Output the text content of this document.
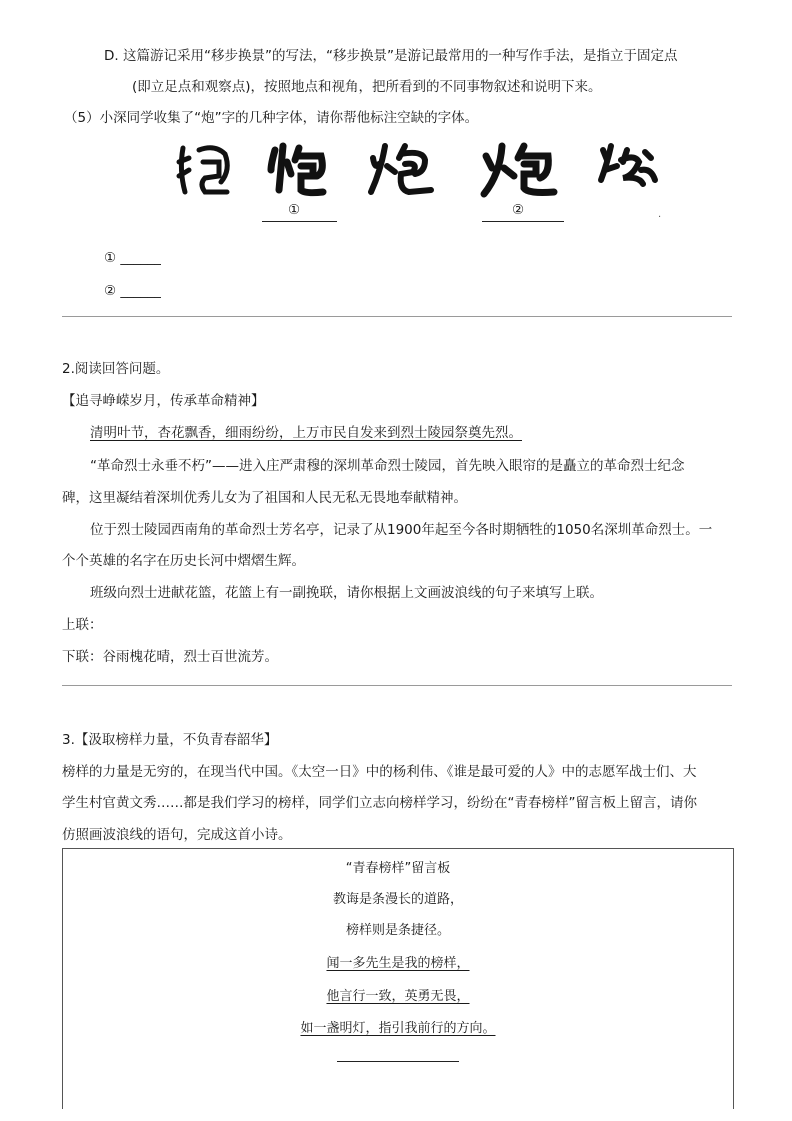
D. 这篇游记采用“移步换景”的写法，“移步换景”是游记最常用的一种写作手法，是指立于固定点
(即立足点和观察点)，按照地点和视角，把所看到的不同事物叙述和说明下来。
（5）小深同学收集了“炮”字的几种字体，请你帮他标注空缺的字体。
·
①	②
① ______
② ______
2.阅读回答问题。
【追寻峥嵘岁月，传承革命精神】
清明叶节，杏花飘香，细雨纷纷，上万市民自发来到烈士陵园祭奠先烈。
“革命烈士永垂不朽”——进入庄严肃穆的深圳革命烈士陵园，首先映入眼帘的是矗立的革命烈士纪念
碑，这里凝结着深圳优秀儿女为了祖国和人民无私无畏地奉献精神。
位于烈士陵园西南角的革命烈士芳名亭，记录了从1900年起至今各时期牺牲的1050名深圳革命烈士。一
个个英雄的名字在历史长河中熠熠生辉。
班级向烈士进献花篮，花篮上有一副挽联，请你根据上文画波浪线的句子来填写上联。
上联：
下联：谷雨槐花晴，烈士百世流芳。
3.【汲取榜样力量，不负青春韶华】
榜样的力量是无穷的，在现当代中国。《太空一日》中的杨利伟、《谁是最可爱的人》中的志愿军战士们、大
学生村官黄文秀……都是我们学习的榜样，同学们立志向榜样学习，纷纷在“青春榜样”留言板上留言，请你
仿照画波浪线的语句，完成这首小诗。
“青春榜样”留言板
教诲是条漫长的道路，
榜样则是条捷径。
闻一多先生是我的榜样，
他言行一致，英勇无畏，
如一盏明灯，指引我前行的方向。
